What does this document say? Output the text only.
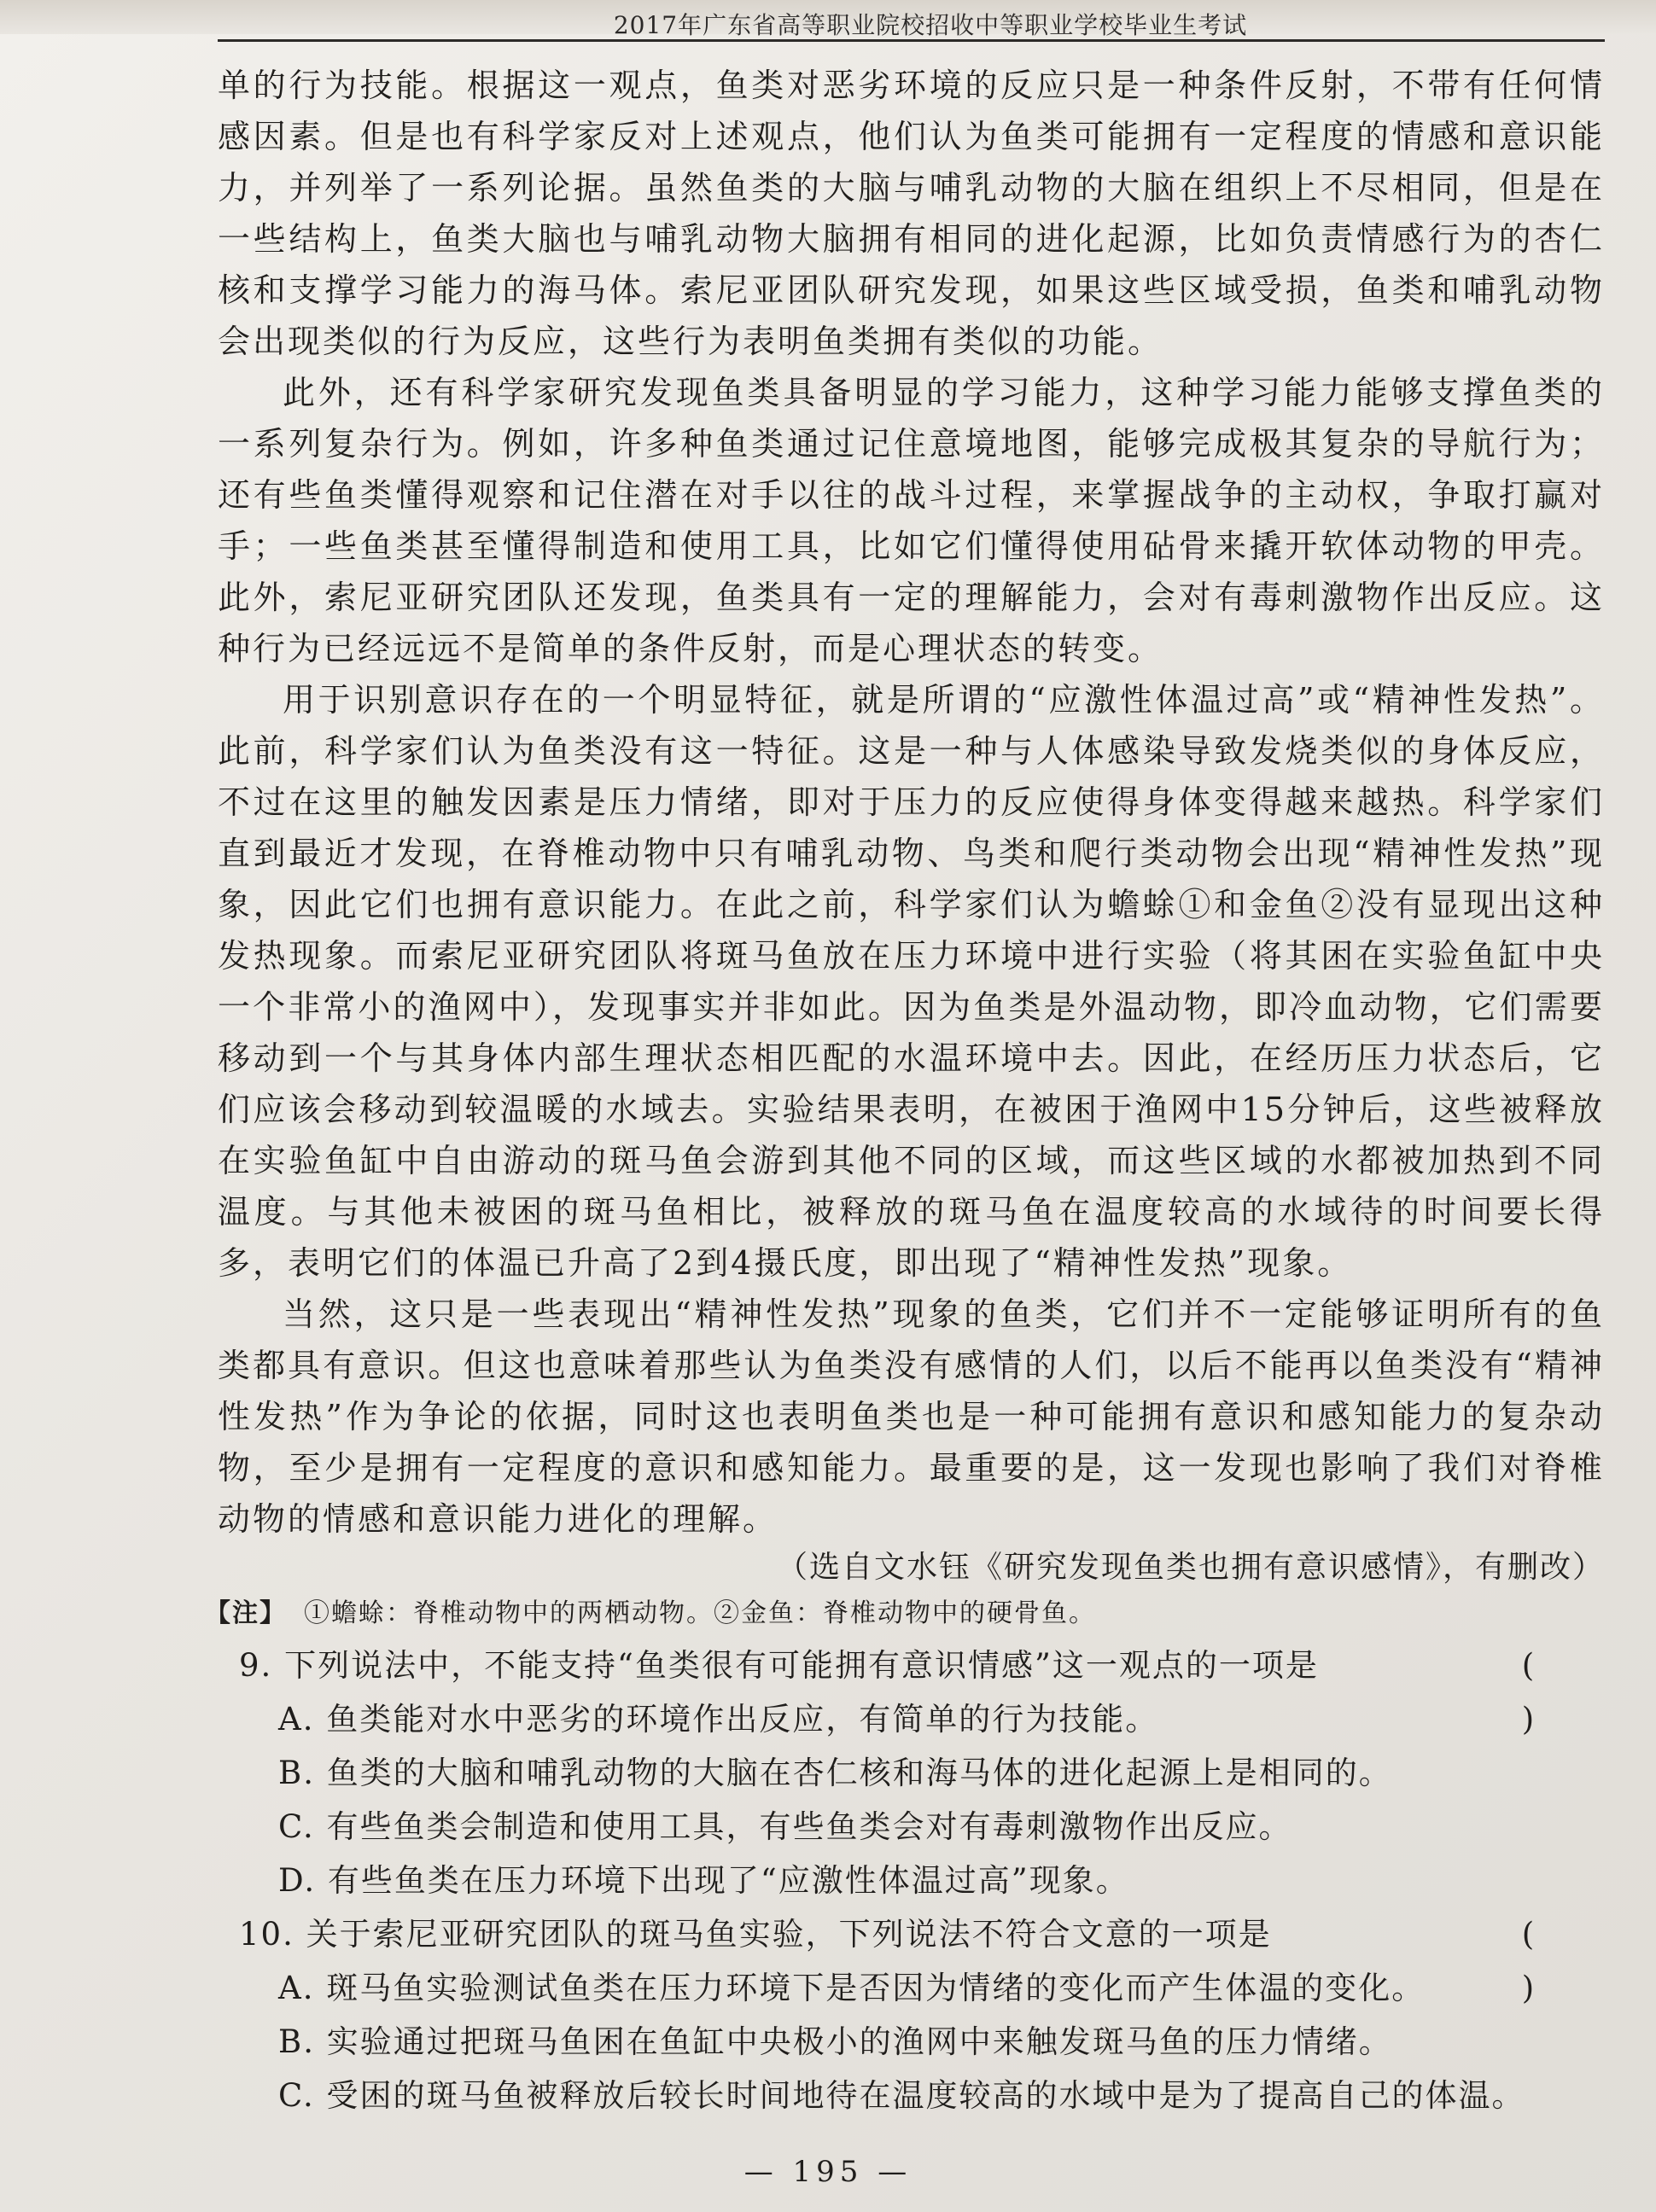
2017年广东省高等职业院校招收中等职业学校毕业生考试

单的行为技能。根据这一观点，鱼类对恶劣环境的反应只是一种条件反射，不带有任何情感因素。但是也有科学家反对上述观点，他们认为鱼类可能拥有一定程度的情感和意识能力，并列举了一系列论据。虽然鱼类的大脑与哺乳动物的大脑在组织上不尽相同，但是在一些结构上，鱼类大脑也与哺乳动物大脑拥有相同的进化起源，比如负责情感行为的杏仁核和支撑学习能力的海马体。索尼亚团队研究发现，如果这些区域受损，鱼类和哺乳动物会出现类似的行为反应，这些行为表明鱼类拥有类似的功能。

此外，还有科学家研究发现鱼类具备明显的学习能力，这种学习能力能够支撑鱼类的一系列复杂行为。例如，许多种鱼类通过记住意境地图，能够完成极其复杂的导航行为；还有些鱼类懂得观察和记住潜在对手以往的战斗过程，来掌握战争的主动权，争取打赢对手；一些鱼类甚至懂得制造和使用工具，比如它们懂得使用砧骨来撬开软体动物的甲壳。此外，索尼亚研究团队还发现，鱼类具有一定的理解能力，会对有毒刺激物作出反应。这种行为已经远远不是简单的条件反射，而是心理状态的转变。

用于识别意识存在的一个明显特征，就是所谓的“应激性体温过高”或“精神性发热”。此前，科学家们认为鱼类没有这一特征。这是一种与人体感染导致发烧类似的身体反应，不过在这里的触发因素是压力情绪，即对于压力的反应使得身体变得越来越热。科学家们直到最近才发现，在脊椎动物中只有哺乳动物、鸟类和爬行类动物会出现“精神性发热”现象，因此它们也拥有意识能力。在此之前，科学家们认为蟾蜍①和金鱼②没有显现出这种发热现象。而索尼亚研究团队将斑马鱼放在压力环境中进行实验（将其困在实验鱼缸中央一个非常小的渔网中），发现事实并非如此。因为鱼类是外温动物，即冷血动物，它们需要移动到一个与其身体内部生理状态相匹配的水温环境中去。因此，在经历压力状态后，它们应该会移动到较温暖的水域去。实验结果表明，在被困于渔网中15分钟后，这些被释放在实验鱼缸中自由游动的斑马鱼会游到其他不同的区域，而这些区域的水都被加热到不同温度。与其他未被困的斑马鱼相比，被释放的斑马鱼在温度较高的水域待的时间要长得多，表明它们的体温已升高了2到4摄氏度，即出现了“精神性发热”现象。

当然，这只是一些表现出“精神性发热”现象的鱼类，它们并不一定能够证明所有的鱼类都具有意识。但这也意味着那些认为鱼类没有感情的人们，以后不能再以鱼类没有“精神性发热”作为争论的依据，同时这也表明鱼类也是一种可能拥有意识和感知能力的复杂动物，至少是拥有一定程度的意识和感知能力。最重要的是，这一发现也影响了我们对脊椎动物的情感和意识能力进化的理解。

（选自文水钰《研究发现鱼类也拥有意识感情》，有删改）
【注】 ①蟾蜍：脊椎动物中的两栖动物。②金鱼：脊椎动物中的硬骨鱼。
9. 下列说法中，不能支持“鱼类很有可能拥有意识情感”这一观点的一项是	( )
A. 鱼类能对水中恶劣的环境作出反应，有简单的行为技能。
B. 鱼类的大脑和哺乳动物的大脑在杏仁核和海马体的进化起源上是相同的。
C. 有些鱼类会制造和使用工具，有些鱼类会对有毒刺激物作出反应。
D. 有些鱼类在压力环境下出现了“应激性体温过高”现象。
10. 关于索尼亚研究团队的斑马鱼实验，下列说法不符合文意的一项是	( )
A. 斑马鱼实验测试鱼类在压力环境下是否因为情绪的变化而产生体温的变化。
B. 实验通过把斑马鱼困在鱼缸中央极小的渔网中来触发斑马鱼的压力情绪。
C. 受困的斑马鱼被释放后较长时间地待在温度较高的水域中是为了提高自己的体温。
— 195 —
